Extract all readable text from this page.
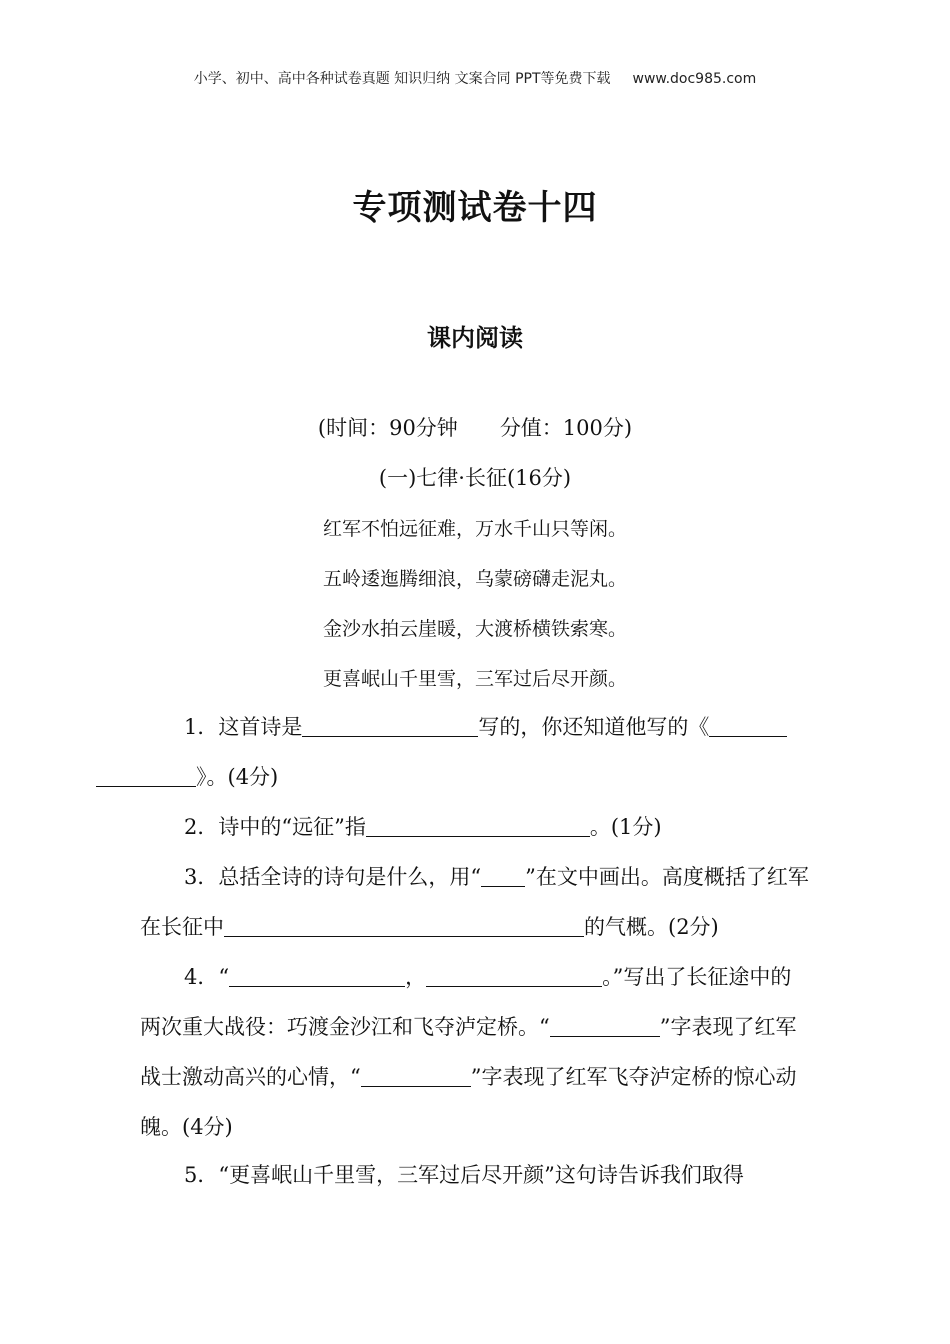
小学、初中、高中各种试卷真题 知识归纳 文案合同 PPT等免费下载 www.doc985.com
专项测试卷十四
课内阅读
(时间：90分钟 分值：100分)
(一)七律·长征(16分)
红军不怕远征难，万水千山只等闲。
五岭逶迤腾细浪，乌蒙磅礴走泥丸。
金沙水拍云崖暖，大渡桥横铁索寒。
更喜岷山千里雪，三军过后尽开颜。
1．这首诗是	写的，你还知道他写的《
》。(4分)
2．诗中的“远征”指	。(1分)
3．总括全诗的诗句是什么，用“ ”在文中画出。高度概括了红军在长征中	的气概。(2分)
4．“	，	。”写出了长征途中的两次重大战役：巧渡金沙江和飞夺泸定桥。“	”字表现了红军战士激动高兴的心情，“	”字表现了红军飞夺泸定桥的惊心动魄。(4分)
5．“更喜岷山千里雪，三军过后尽开颜”这句诗告诉我们取得
